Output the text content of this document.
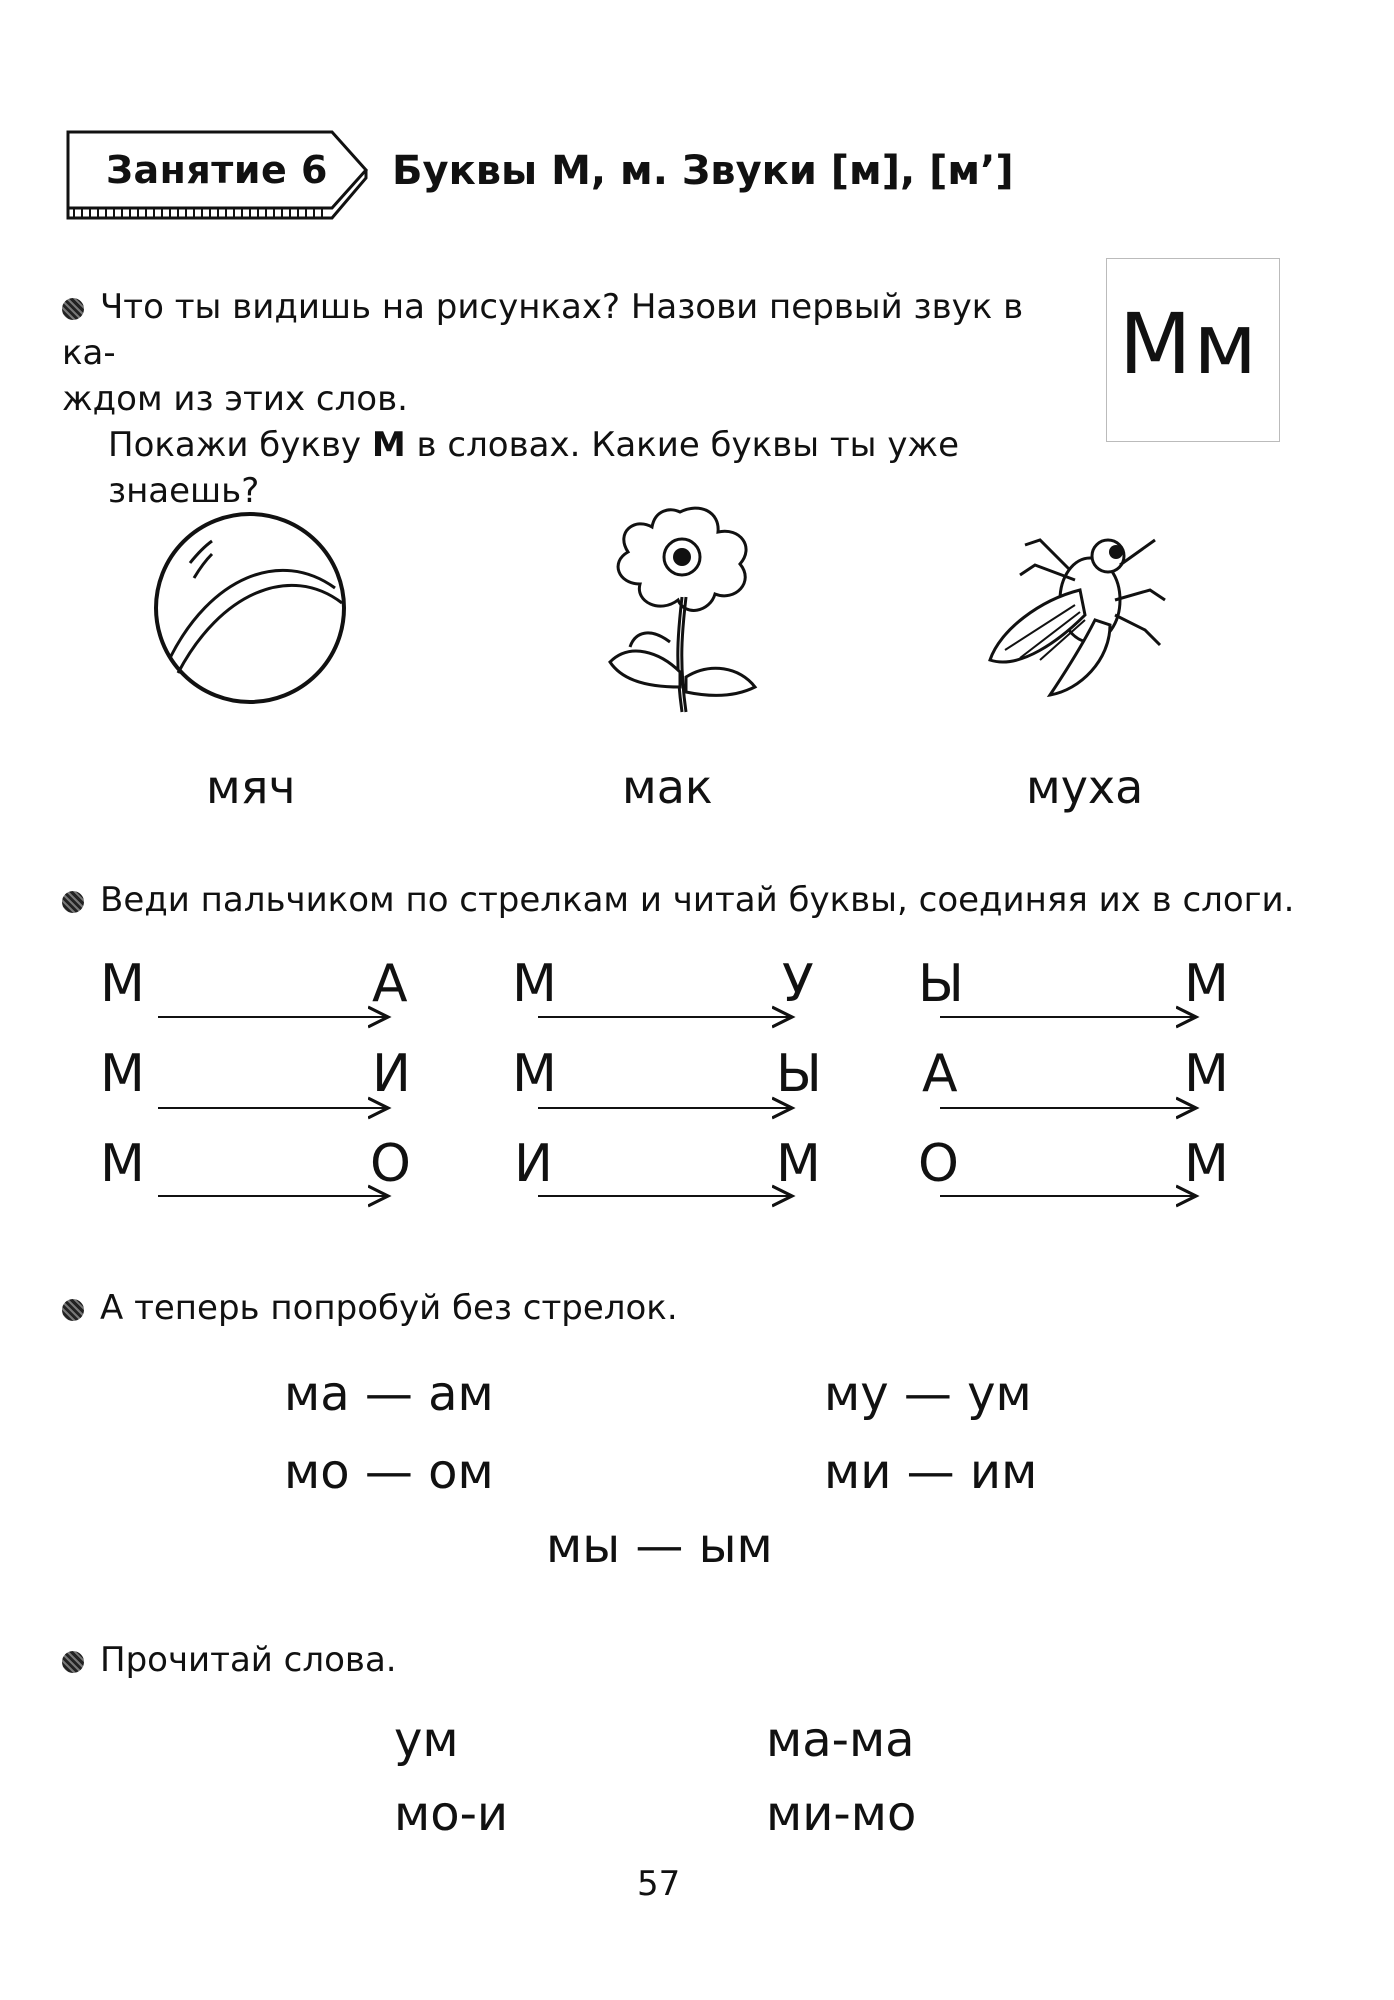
Занятие 6 Буквы М, м. Звуки [м], [м’]
Что ты видишь на рисунках? Назови первый звук в ка-
ждом из этих слов.
Покажи букву М в словах. Какие буквы ты уже знаешь?
Мм
мяч	мак	муха
Веди пальчиком по стрелкам и читай буквы, соединяя их в слоги.
М	А М	У Ы	М
М	И М	Ы А	М
М	О И	М О	М
А теперь попробуй без стрелок.
ма — ам	му — ум
мо — ом	ми — им
мы — ым
Прочитай слова.
ум	ма-ма
мо-и	ми-мо
57
